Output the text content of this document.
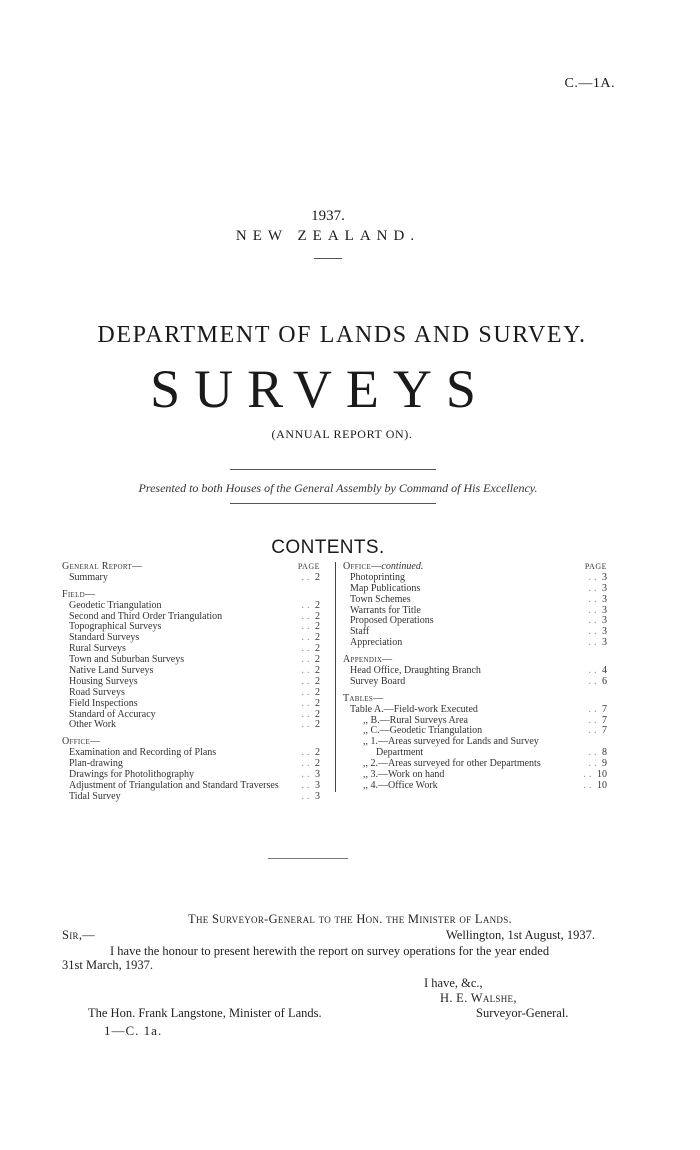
C.—1A.
1937.
NEW ZEALAND.
DEPARTMENT OF LANDS AND SURVEY.
SURVEYS
(ANNUAL REPORT ON).
Presented to both Houses of the General Assembly by Command of His Excellency.
CONTENTS.
General Report—	PAGE
Summary	.. 2
Field—
Geodetic Triangulation	.. 2
Second and Third Order Triangulation	.. 2
Topographical Surveys	.. 2
Standard Surveys	.. 2
Rural Surveys	.. 2
Town and Suburban Surveys	.. 2
Native Land Surveys	.. 2
Housing Surveys	.. 2
Road Surveys	.. 2
Field Inspections	.. 2
Standard of Accuracy	.. 2
Other Work	.. 2
Office—
Examination and Recording of Plans	.. 2
Plan-drawing	.. 2
Drawings for Photolithography	.. 3
Adjustment of Triangulation and Standard Traverses .. 3
Tidal Survey	.. 3
Office—continued.	PAGE
Photoprinting	.. 3
Map Publications	.. 3
Town Schemes	.. 3
Warrants for Title	.. 3
Proposed Operations	.. 3
Staff	.. 3
Appreciation	.. 3
Appendix—
Head Office, Draughting Branch	.. 4
Survey Board	.. 6
Tables—
Table A.—Field-work Executed	.. 7
,, B.—Rural Surveys Area	.. 7
,, C.—Geodetic Triangulation	.. 7
,, 1.—Areas surveyed for Lands and Survey
Department	.. 8
,, 2.—Areas surveyed for other Departments	.. 9
,, 3.—Work on hand	.. 10
,, 4.—Office Work	.. 10
The Surveyor-General to the Hon. the Minister of Lands.
Sir,—	Wellington, 1st August, 1937.
I have the honour to present herewith the report on survey operations for the year ended
31st March, 1937.
I have, &c.,
H. E. Walshe,
The Hon. Frank Langstone, Minister of Lands.	Surveyor-General.
1—C. 1a.
